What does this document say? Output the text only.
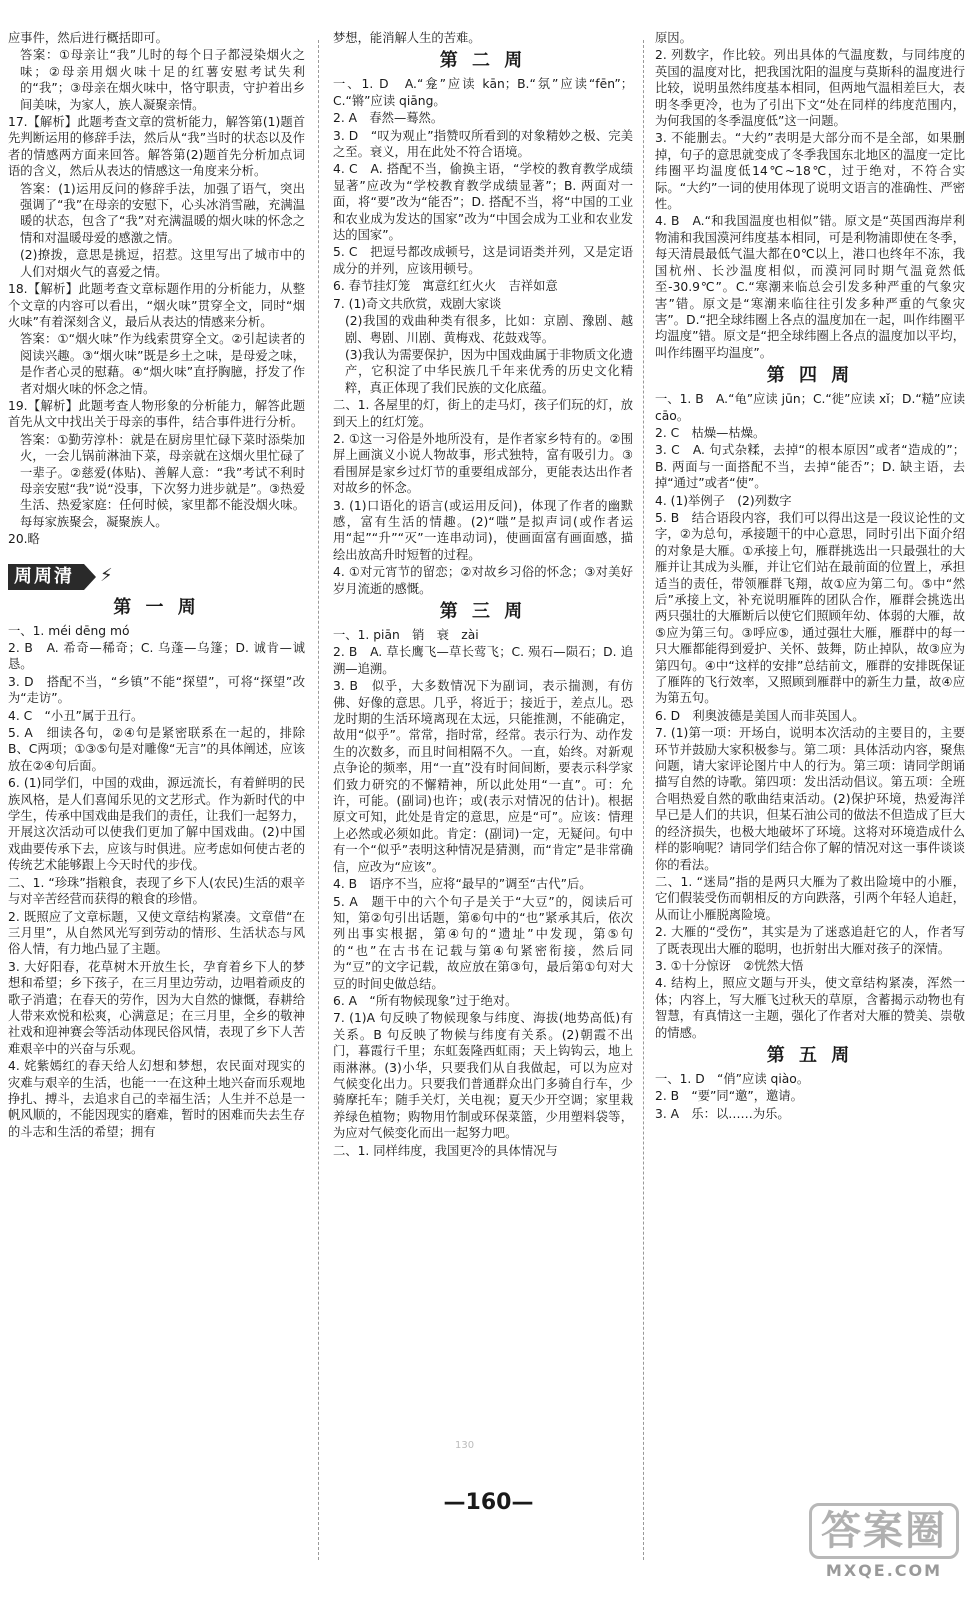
应事件，然后进行概括即可。
答案：①母亲让“我”儿时的每个日子都浸染烟火之味；②母亲用烟火味十足的红薯安慰考试失利的“我”；③母亲在烟火味中，恪守职责，守护着出乡间美味，为家人，族人凝聚亲情。
17.【解析】此题考查文章的赏析能力，解答第(1)题首先判断运用的修辞手法，然后从“我”当时的状态以及作者的情感两方面来回答。解答第(2)题首先分析加点词语的含义，然后从表达的情感这一角度来分析。
答案：(1)运用反问的修辞手法，加强了语气，突出强调了“我”在母亲的安慰下，心头冰消雪融，充满温暖的状态，包含了“我”对充满温暖的烟火味的怀念之情和对温暖母爱的感激之情。
(2)撩拨，意思是挑逗，招惹。这里写出了城市中的人们对烟火气的喜爱之情。
18.【解析】此题考查文章标题作用的分析能力，从整个文章的内容可以看出，“烟火味”贯穿全文，同时“烟火味”有着深刻含义，最后从表达的情感来分析。
答案：①“烟火味”作为线索贯穿全文。②引起读者的阅读兴趣。③“烟火味”既是乡土之味，是母爱之味，是作者心灵的慰藉。④“烟火味”直抒胸臆，抒发了作者对烟火味的怀念之情。
19.【解析】此题考查人物形象的分析能力，解答此题首先从文中找出关于母亲的事件，结合事件进行分析。
答案：①勤劳淳朴：就是在厨房里忙碌下菜时添柴加火，一会儿锅前淋油下菜，母亲就在这烟火里忙碌了一辈子。②慈爱(体贴)、善解人意：“我”考试不利时母亲安慰“我”说“没事，下次努力进步就是”。③热爱生活、热爱家庭：任何时候，家里都不能没烟火味。每每家族聚会，凝聚族人。
20.略
周周清	⚡
第 一 周
一、1. méi dēng mó
2. B　A. 希奇—稀奇；C. 乌蓬—乌篷；D. 诚肯—诚恳。
3. D　搭配不当，“乡镇”不能“探望”，可将“探望”改为“走访”。
4. C　“小丑”属于丑行。
5. A　细读各句，②④句是紧密联系在一起的，排除B、C两项；①③⑤句是对雕像“无言”的具体阐述，应该放在②④句后面。
6. (1)同学们，中国的戏曲，源远流长，有着鲜明的民族风格，是人们喜闻乐见的文艺形式。作为新时代的中学生，传承中国戏曲是我们的责任，让我们一起努力，开展这次活动可以使我们更加了解中国戏曲。(2)中国戏曲要传承下去，应该与时俱进。应考虑如何使古老的传统艺术能够跟上今天时代的步伐。
二、1. “珍珠”指粮食，表现了乡下人(农民)生活的艰辛与对辛苦经营而获得的粮食的珍惜。
2. 既照应了文章标题，又使文章结构紧凑。文章借“在三月里”，从自然风光写到劳动的情形、生活状态与风俗人情，有力地凸显了主题。
3. 大好阳春，花草树木开放生长，孕育着乡下人的梦想和希望；乡下孩子，在三月里边劳动，边唱着顽皮的歌子消遣；在春天的劳作，因为大自然的慷慨，春耕给人带来欢悦和松爽，心满意足；在三月里，全乡的敬神社戏和迎神赛会等活动体现民俗风情，表现了乡下人苦难艰辛中的兴奋与乐观。
4. 姹紫嫣红的春天给人幻想和梦想，农民面对现实的灾难与艰辛的生活，也能一一在这种土地兴奋而乐观地挣扎、搏斗，去追求自己的幸福生活；人生并不总是一帆风顺的，不能因现实的磨难，暂时的困难而失去生存的斗志和生活的希望；拥有
梦想，能消解人生的苦难。
第 二 周
一、1. D　A.“龛”应读 kān；B.“氛”应读“fēn”；C.“锵”应读 qiāng。
2. A　春然—蓦然。
3. D　“叹为观止”指赞叹所看到的对象精妙之极、完美之至。衰义，用在此处不符合语境。
4. C　A. 搭配不当，偷换主语，“学校的教育教学成绩显著”应改为“学校教育教学成绩显著”；B. 两面对一面，将“要”改为“能否”；D. 搭配不当，将“中国的工业和农业成为发达的国家”改为“中国会成为工业和农业发达的国家”。
5. C　把逗号都改成顿号，这是词语类并列，又是定语成分的并列，应该用顿号。
6. 春节挂灯笼　寓意红红火火　吉祥如意
7. (1)奇文共欣赏，戏剧大家谈
(2)我国的戏曲种类有很多，比如：京剧、豫剧、越剧、粤剧、川剧、黄梅戏、花鼓戏等。
(3)我认为需要保护，因为中国戏曲属于非物质文化遗产，它积淀了中华民族几千年来优秀的历史文化精粹，真正体现了我们民族的文化底蕴。
二、1. 各屋里的灯，街上的走马灯，孩子们玩的灯，放到天上的红灯笼。
2. ①这一习俗是外地所没有，是作者家乡特有的。②围屏上画演义小说人物故事，形式独特，富有吸引力。③看围屏是家乡过灯节的重要组成部分，更能表达出作者对故乡的怀念。
3. (1)口语化的语言(或运用反问)，体现了作者的幽默感，富有生活的情趣。(2)“嗤”是拟声词(或作者运用“起”“升”“灭”一连串动词)，使画面富有画面感，描绘出放高升时短暂的过程。
4. ①对元宵节的留恋；②对故乡习俗的怀念；③对美好岁月流逝的感慨。
第 三 周
一、1. piān　销　衰　zài
2. B　A. 草长鹰飞—草长莺飞；C. 殒石—陨石；D. 追溯—追溯。
3. B　似乎，大多数情况下为副词，表示揣测，有仿佛、好像的意思。几乎，将近于；接近于，差点儿。恐龙时期的生活环境离现在太远，只能推测，不能确定，故用“似乎”。常常，指时常，经常。表示行为、动作发生的次数多，而且时间相隔不久。一直，始终。对新观点争论的频率，用“一直”没有时间间断，要表示科学家们致力研究的不懈精神，所以此处用“一直”。可：允许，可能。(副词)也许；或(表示对情况的估计)。根据原文可知，此处是肯定的意思，应是“可”。应该：情理上必然或必须如此。肯定：(副词)一定，无疑问。句中有一个“似乎”表明这种情况是猜测，而“肯定”是非常确信，应改为“应该”。
4. B　语序不当，应将“最早的”调至“古代”后。
5. A　题干中的六个句子是关于“大豆”的，阅读后可知，第②句引出话题，第⑥句中的“也”紧承其后，依次列出事实根据，第④句的“遗址”中发现，第⑤句的“也”在古书在记载与第④句紧密衔接，然后同为“豆”的文字记载，故应放在第③句，最后第①句对大豆的时间史做总结。
6. A　“所有物候现象”过于绝对。
7. (1)A 句反映了物候现象与纬度、海拔(地势高低)有关系。B 句反映了物候与纬度有关系。(2)朝霞不出门，暮霞行千里；东虹轰隆西虹雨；天上钩钩云，地上雨淋淋。(3)小华，只要我们从自我做起，可以为应对气候变化出力。只要我们普通群众出门多骑自行车，少骑摩托车；随手关灯，关电视；夏天少开空调；家里栽养绿色植物；购物用竹制或环保菜篮，少用塑料袋等，为应对气候变化而出一起努力吧。
二、1. 同样纬度，我国更冷的具体情况与
原因。
2. 列数字，作比较。列出具体的气温度数，与同纬度的英国的温度对比，把我国沈阳的温度与莫斯科的温度进行比较，说明虽然纬度基本相同，但两地气温相差巨大，表明冬季更冷，也为了引出下文“处在同样的纬度范围内，为何我国的冬季温度低”这一问题。
3. 不能删去。“大约”表明是大部分而不是全部，如果删掉，句子的意思就变成了冬季我国东北地区的温度一定比纬圈平均温度低14℃~18℃，过于绝对，不符合实际。“大约”一词的使用体现了说明文语言的准确性、严密性。
4. B　A.“和我国温度也相似”错。原文是“英国西海岸利物浦和我国漠河纬度基本相同，可是利物浦即使在冬季，每天清晨最低气温大都在0℃以上，港口也终年不冻，我国杭州、长沙温度相似，而漠河同时期气温竟然低至-30.9℃”。C.“寒潮来临总会引发多种严重的气象灾害”错。原文是“寒潮来临往往引发多种严重的气象灾害”。D.“把全球纬圈上各点的温度加在一起，叫作纬圈平均温度”错。原文是“把全球纬圈上各点的温度加以平均，叫作纬圈平均温度”。
第 四 周
一、1. B　A.“龟”应读 jūn；C.“徙”应读 xǐ；D.“糙”应读 cāo。
2. C　枯燥—枯燥。
3. C　A. 句式杂糅，去掉“的根本原因”或者“造成的”；B. 两面与一面搭配不当，去掉“能否”；D. 缺主语，去掉“通过”或者“使”。
4. (1)举例子　(2)列数字
5. B　结合语段内容，我们可以得出这是一段议论性的文字，②为总句，承接题干的中心意思，同时引出下面介绍的对象是大雁。①承接上句，雁群挑选出一只最强壮的大雁并让其成为头雁，并让它们站在最前面的位置上，承担适当的责任，带领雁群飞翔，故①应为第二句。⑤中“然后”承接上文，补充说明雁阵的团队合作，雁群会挑选出两只强壮的大雁断后以使它们照顾年幼、体弱的大雁，故⑤应为第三句。③呼应⑤，通过强壮大雁，雁群中的每一只大雁都能得到爱护、关怀、鼓舞，防止掉队，故③应为第四句。④中“这样的安排”总结前文，雁群的安排既保证了雁阵的飞行效率，又照顾到雁群中的新生力量，故④应为第五句。
6. D　利奥波德是美国人而非英国人。
7. (1)第一项：开场白，说明本次活动的主要目的，主要环节并鼓励大家积极参与。第二项：具体活动内容，聚焦问题，请大家评论图片中人的行为。第三项：请同学朗诵描写自然的诗歌。第四项：发出活动倡议。第五项：全班合唱热爱自然的歌曲结束活动。(2)保护环境，热爱海洋早已是人们的共识，但某石油公司的做法不但造成了巨大的经济损失，也极大地破坏了环境。这将对环境造成什么样的影响呢？请同学们结合你了解的情况对这一事件谈谈你的看法。
二、1. “迷局”指的是两只大雁为了救出险境中的小雁，它们假装受伤而朝相反的方向跌落，引两个年轻人追赶，从而让小雁脱离险境。
2. 大雁的“受伤”，其实是为了迷惑追赶它的人，作者写了既表现出大雁的聪明，也折射出大雁对孩子的深情。
3. ①十分惊讶　②恍然大悟
4. 结构上，照应文题与开头，使文章结构紧凑，浑然一体；内容上，写大雁飞过秋天的草原，含蓄揭示动物也有智慧，有真情这一主题，强化了作者对大雁的赞美、崇敬的情感。
第 五 周
一、1. D　“俏”应读 qiào。
2. B　“要”同“邀”，邀请。
3. A　乐：以……为乐。
130
—160—
答案圈
MXQE.COM
